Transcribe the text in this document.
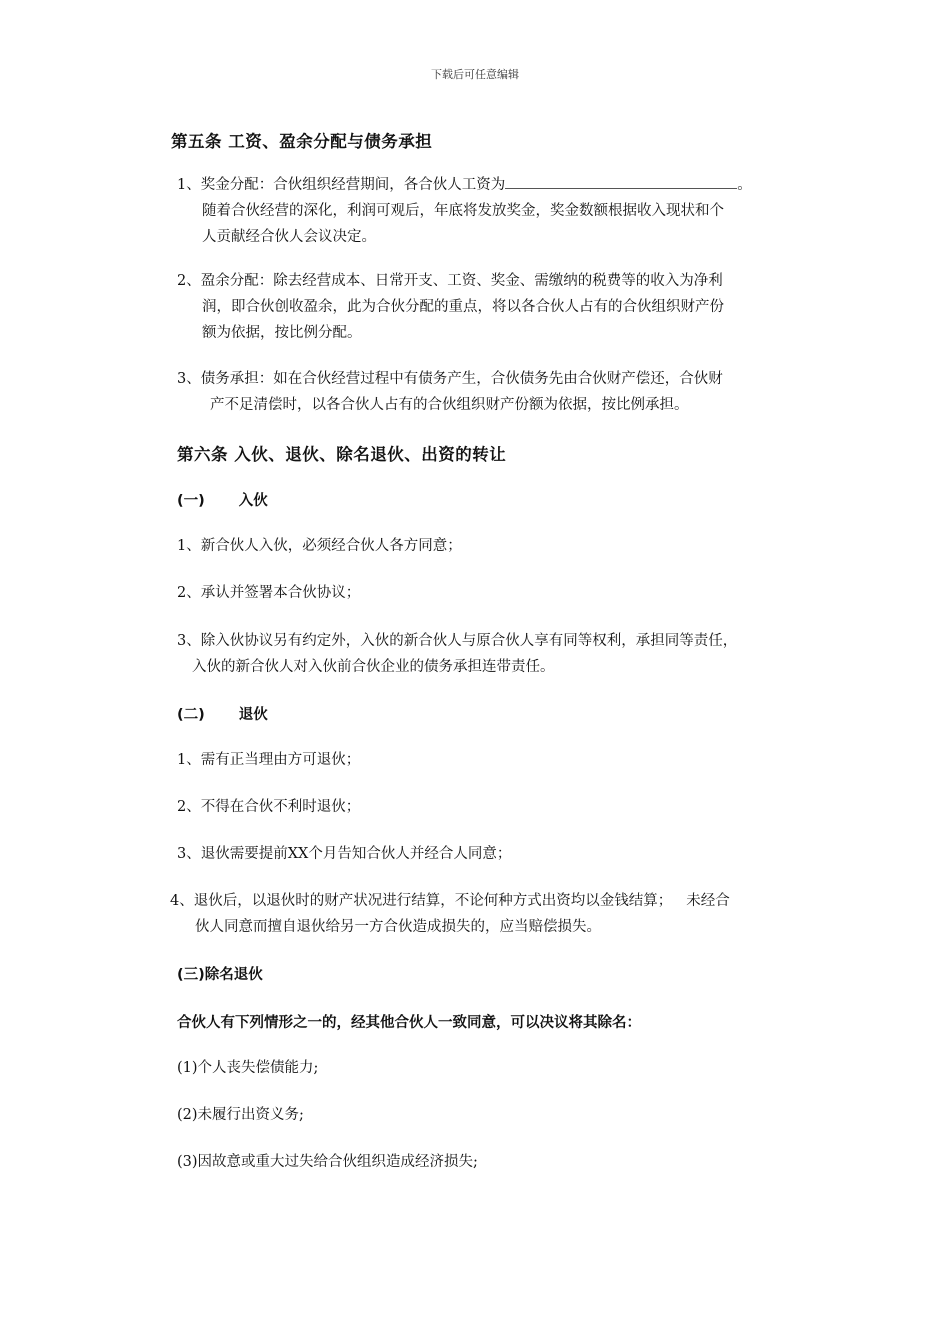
下载后可任意编辑
第五条 工资、盈余分配与债务承担
1、奖金分配：合伙组织经营期间，各合伙人工资为	。
随着合伙经营的深化，利润可观后，年底将发放奖金，奖金数额根据收入现状和个
人贡献经合伙人会议决定。
2、盈余分配：除去经营成本、日常开支、工资、奖金、需缴纳的税费等的收入为净利
润，即合伙创收盈余，此为合伙分配的重点，将以各合伙人占有的合伙组织财产份
额为依据，按比例分配。
3、债务承担：如在合伙经营过程中有债务产生，合伙债务先由合伙财产偿还，合伙财
产不足清偿时，以各合伙人占有的合伙组织财产份额为依据，按比例承担。
第六条 入伙、退伙、除名退伙、出资的转让
(一) 入伙
1、新合伙人入伙，必须经合伙人各方同意；
2、承认并签署本合伙协议；
3、除入伙协议另有约定外，入伙的新合伙人与原合伙人享有同等权利，承担同等责任，
入伙的新合伙人对入伙前合伙企业的债务承担连带责任。
(二) 退伙
1、需有正当理由方可退伙；
2、不得在合伙不利时退伙；
3、退伙需要提前XX个月告知合伙人并经合人同意；
4、退伙后，以退伙时的财产状况进行结算，不论何种方式出资均以金钱结算； 未经合
伙人同意而擅自退伙给另一方合伙造成损失的，应当赔偿损失。
(三)除名退伙
合伙人有下列情形之一的，经其他合伙人一致同意，可以决议将其除名：
(1)个人丧失偿债能力;
(2)未履行出资义务;
(3)因故意或重大过失给合伙组织造成经济损失;
